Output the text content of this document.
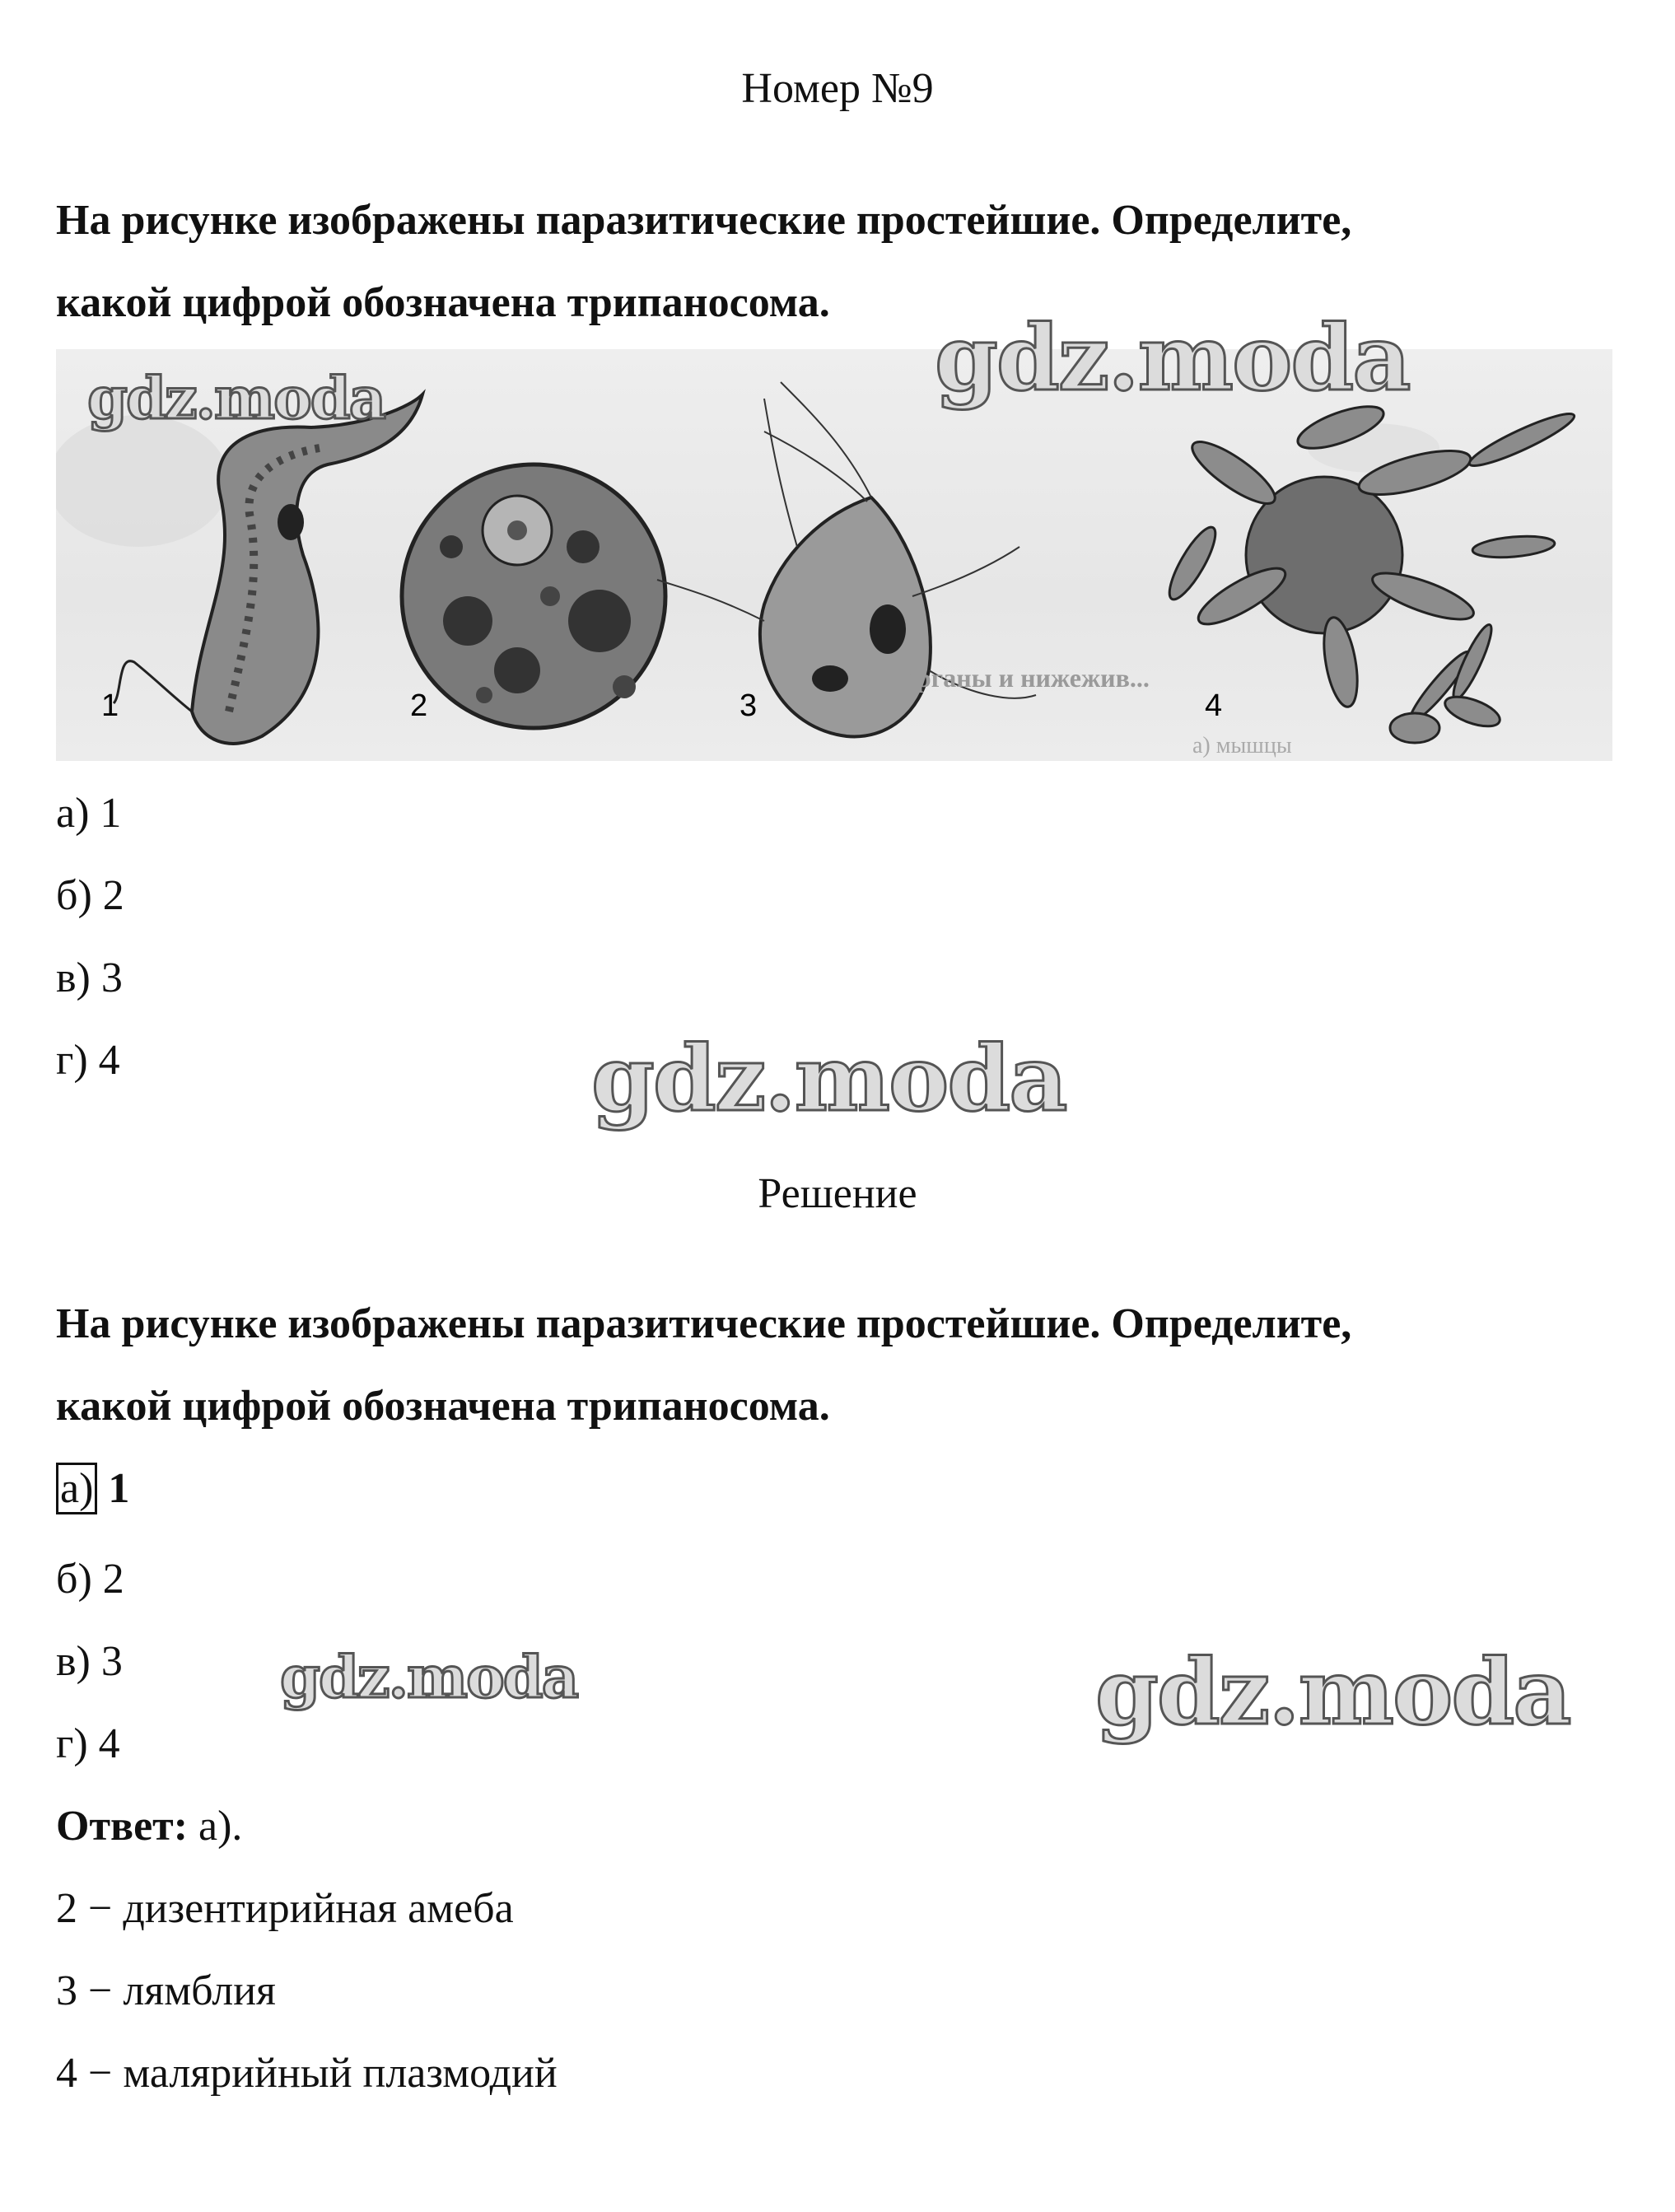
Номер №9
На рисунке изображены паразитические простейшие. Определите,
какой цифрой обозначена трипаносома.
1	2	3	4
Органы и нижежив...
а) мышцы
gdz.moda	gdz.moda
а) 1
б) 2
в) 3
г) 4	gdz.moda
Решение
На рисунке изображены паразитические простейшие. Определите,
какой цифрой обозначена трипаносома.
а) 1
б) 2
в) 3
г) 4
gdz.moda	gdz.moda
Ответ: а).
2 − дизентирийная амеба
3 − лямблия
4 − малярийный плазмодий
